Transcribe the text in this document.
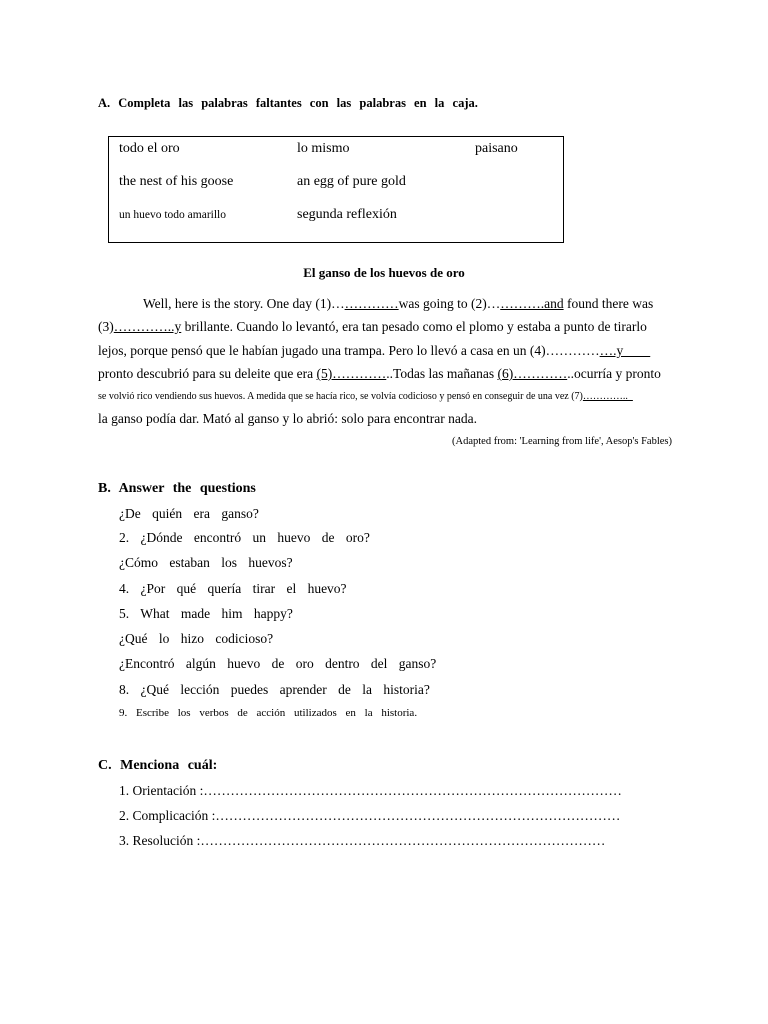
A. Completa las palabras faltantes con las palabras en la caja.
todo el oro	lo mismo	paisano
the nest of his goose	an egg of pure gold
un huevo todo amarillo	segunda reflexión
El ganso de los huevos de oro
Well, here is the story. One day (1)……………was going to (2)………….and found there was
(3)…………..y brillante. Cuando lo levantó, era tan pesado como el plomo y estaba a punto de tirarlo
lejos, porque pensó que le habían jugado una trampa. Pero lo llevó a casa en un (4)…………….y
pronto descubrió para su deleite que era (5)…………..Todas las mañanas (6)…………..ocurría y pronto
se volvió rico vendiendo sus huevos. A medida que se hacía rico, se volvía codicioso y pensó en conseguir de una vez (7)…………..
la ganso podía dar. Mató al ganso y lo abrió: solo para encontrar nada.
(Adapted from: 'Learning from life', Aesop's Fables)
B. Answer the questions
¿De quién era ganso?
2. ¿Dónde encontró un huevo de oro?
¿Cómo estaban los huevos?
4. ¿Por qué quería tirar el huevo?
5. What made him happy?
¿Qué lo hizo codicioso?
¿Encontró algún huevo de oro dentro del ganso?
8. ¿Qué lección puedes aprender de la historia?
9. Escribe los verbos de acción utilizados en la historia.
C. Menciona cuál:
1. Orientación :…………………………………………………………………………………
2. Complicación :………………………………………………………………………………
3. Resolución :………………………………………………………………………………
